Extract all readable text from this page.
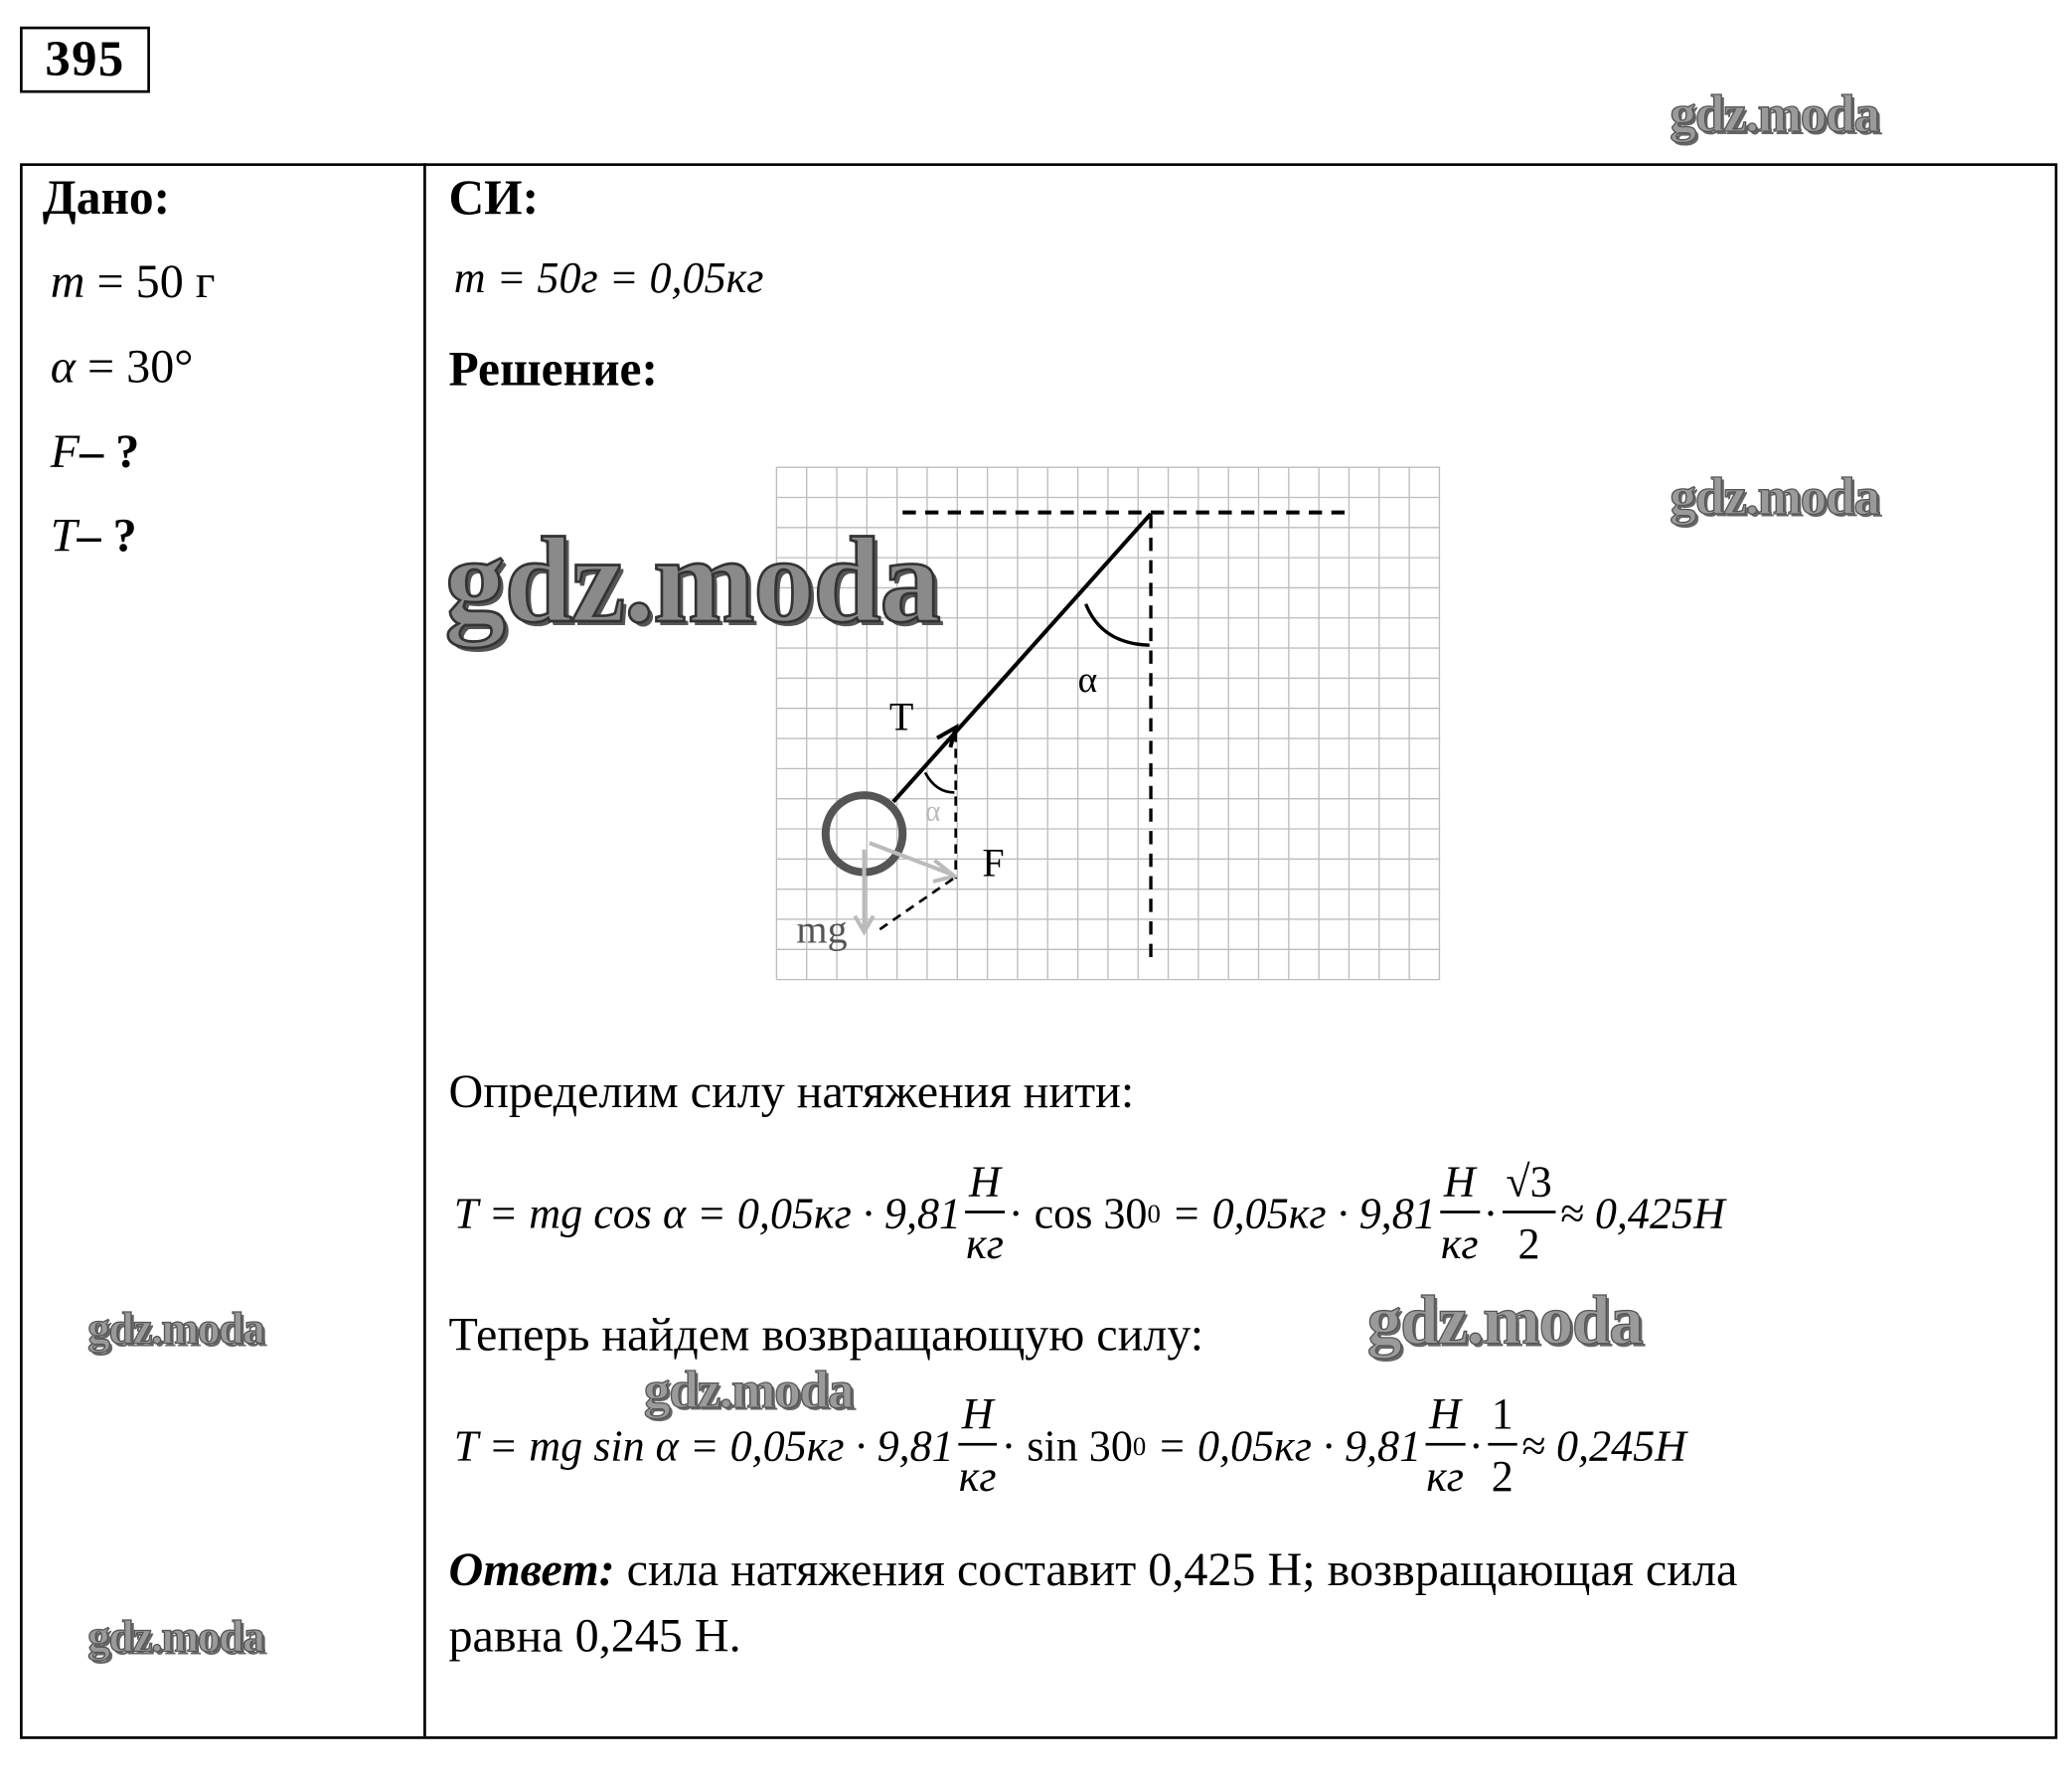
395
Дано:
m = 50 г
α = 30°
F– ?
T– ?
СИ:
m = 50г = 0,05кг
Решение:
T
α
α
F
mg
Определим силу натяжения нити:
T = mg $\cos \alpha = 0,05кг \cdot 9,81 \frac{H}{кг} \cdot \cos 30$ 0
= $0,05кг \cdot 9,81 \frac{H}{кг} \cdot \frac{√3}{2} \approx 0,425H$
Теперь найдем возвращающую силу:
T = mg $\sin \alpha = 0,05кг \cdot 9,81 \frac{H}{кг} \cdot \sin 30$ 0
= $0,05кг \cdot 9,81 \frac{H}{кг} \cdot \frac{1}{2} \approx 0,245H$
Ответ: сила натяжения составит 0,425 Н; возвращающая сила
равна 0,245 Н.
gdz.moda
gdz.moda
gdz.moda
gdz.moda	gdz.moda
gdz.moda
gdz.moda
